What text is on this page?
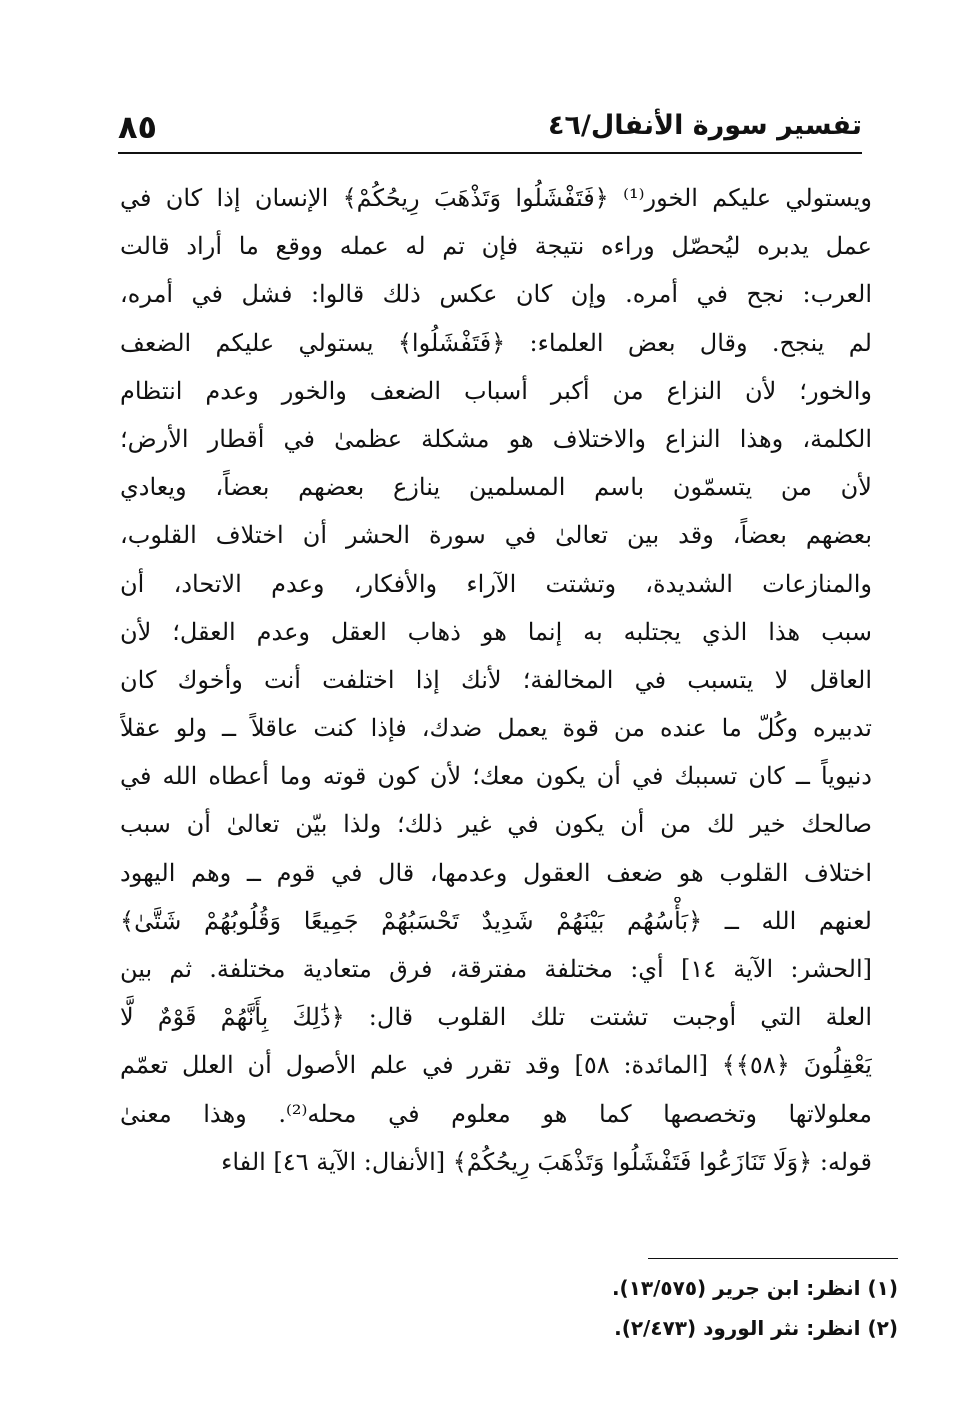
تفسير سورة الأنفال/٤٦
٨٥
ويستولي عليكم الخور⁽¹⁾ ﴿فَتَفْشَلُوا وَتَذْهَبَ رِيحُكُمْ﴾ الإنسان إذا كان في
عمل يدبره ليُحصّل وراءه نتيجة فإن تم له عمله ووقع ما أراد قالت
العرب: نجح في أمره. وإن كان عكس ذلك قالوا: فشل في أمره،
لم ينجح. وقال بعض العلماء: ﴿فَتَفْشَلُوا﴾ يستولي عليكم الضعف
والخور؛ لأن النزاع من أكبر أسباب الضعف والخور وعدم انتظام
الكلمة، وهذا النزاع والاختلاف هو مشكلة عظمىٰ في أقطار الأرض؛
لأن من يتسمّون باسم المسلمين ينازع بعضهم بعضاً، ويعادي
بعضهم بعضاً، وقد بين تعالىٰ في سورة الحشر أن اختلاف القلوب،
والمنازعات الشديدة، وتشتت الآراء والأفكار، وعدم الاتحاد، أن
سبب هذا الذي يجتلبه به إنما هو ذهاب العقل وعدم العقل؛ لأن
العاقل لا يتسبب في المخالفة؛ لأنك إذا اختلفت أنت وأخوك كان
تدبيره وكُلّ ما عنده من قوة يعمل ضدك، فإذا كنت عاقلاً ــ ولو عقلاً
دنيوياً ــ كان تسببك في أن يكون معك؛ لأن كون قوته وما أعطاه الله في
صالحك خير لك من أن يكون في غير ذلك؛ ولذا بيّن تعالىٰ أن سبب
اختلاف القلوب هو ضعف العقول وعدمها، قال في قوم ــ وهم اليهود
لعنهم الله ــ ﴿بَأْسُهُم بَيْنَهُمْ شَدِيدٌ تَحْسَبُهُمْ جَمِيعًا وَقُلُوبُهُمْ شَتَّىٰ﴾
[الحشر: الآية ١٤] أي: مختلفة مفترقة، فرق متعادية مختلفة. ثم بين
العلة التي أوجبت تشتت تلك القلوب قال: ﴿ذَٰلِكَ بِأَنَّهُمْ قَوْمٌ لَّا
يَعْقِلُونَ ﴿٥٨﴾﴾ [المائدة: ٥٨] وقد تقرر في علم الأصول أن العلل تعمّم
معلولاتها وتخصصها كما هو معلوم في محله⁽²⁾. وهذا معنىٰ
قوله: ﴿وَلَا تَنَازَعُوا فَتَفْشَلُوا وَتَذْهَبَ رِيحُكُمْ﴾ [الأنفال: الآية ٤٦] الفاء
(١) انظر: ابن جرير (١٣/٥٧٥).
(٢) انظر: نثر الورود (٢/٤٧٣).
